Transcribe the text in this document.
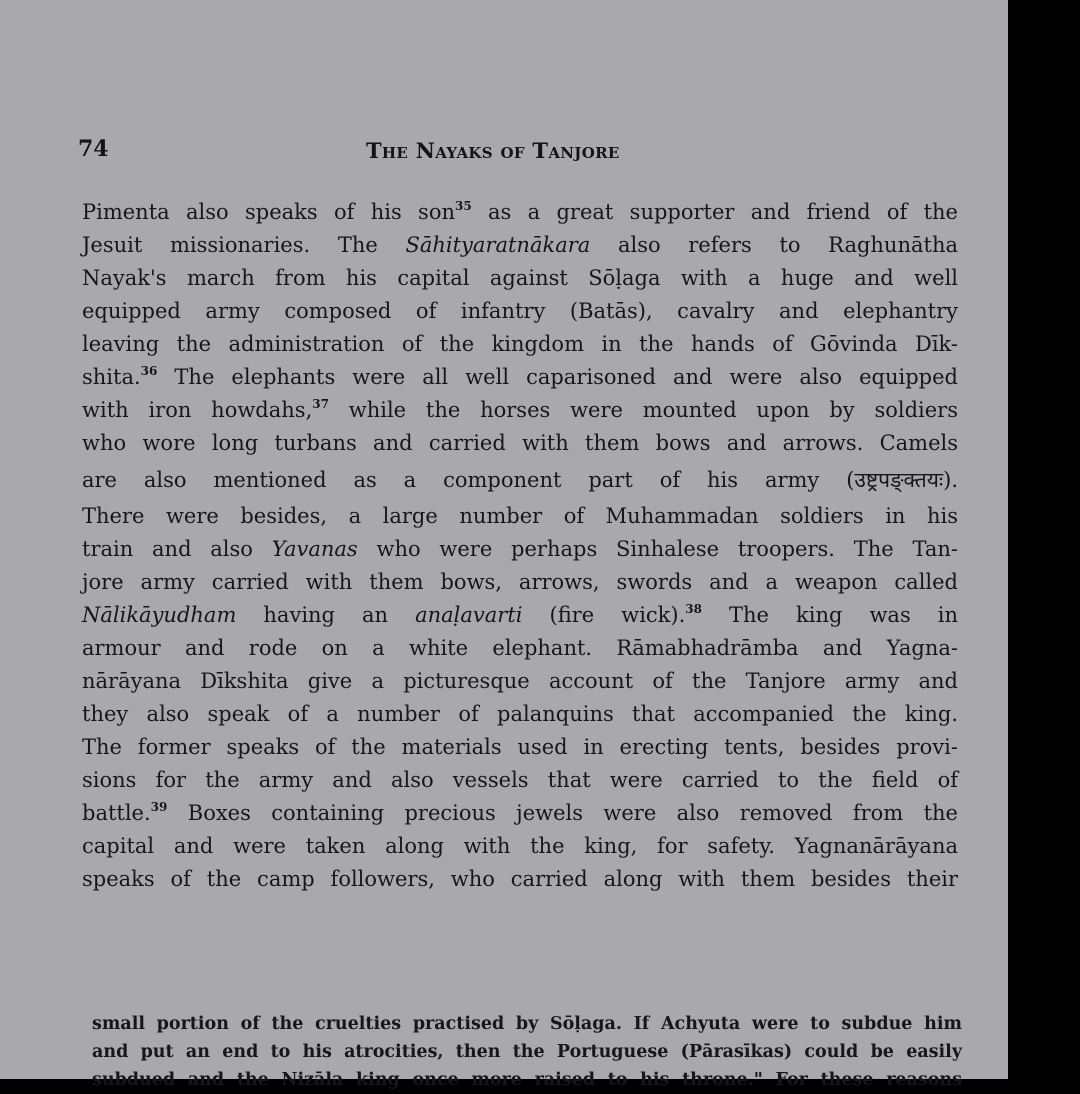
74	The Nayaks of Tanjore
Pimenta also speaks of his son$^{35}$ as a great supporter and friend of the
Jesuit missionaries. The Sāhityaratnākara also refers to Raghunātha
Nayak's march from his capital against Sōḷaga with a huge and well
equipped army composed of infantry (Batās), cavalry and elephantry
leaving the administration of the kingdom in the hands of Gōvinda Dīk-
shita.$^{36}$ The elephants were all well caparisoned and were also equipped
with iron howdahs,$^{37}$ while the horses were mounted upon by soldiers
who wore long turbans and carried with them bows and arrows. Camels
are also mentioned as a component part of his army (उष्ट्रपङ्क्तयः).
There were besides, a large number of Muhammadan soldiers in his
train and also Yavanas who were perhaps Sinhalese troopers. The Tan-
jore army carried with them bows, arrows, swords and a weapon called
Nālikāyudham having an anaḷavarti (fire wick).$^{38}$ The king was in
armour and rode on a white elephant. Rāmabhadrāmba and Yagna-
nārāyana Dīkshita give a picturesque account of the Tanjore army and
they also speak of a number of palanquins that accompanied the king.
The former speaks of the materials used in erecting tents, besides provi-
sions for the army and also vessels that were carried to the field of
battle.$^{39}$ Boxes containing precious jewels were also removed from the
capital and were taken along with the king, for safety. Yagnanārāyana
speaks of the camp followers, who carried along with them besides their
small portion of the cruelties practised by Sōḷaga. If Achyuta were to subdue him
and put an end to his atrocities, then the Portuguese (Pārasīkas) could be easily
subdued and the Nizāla king once more raised to his throne." For these reasons
